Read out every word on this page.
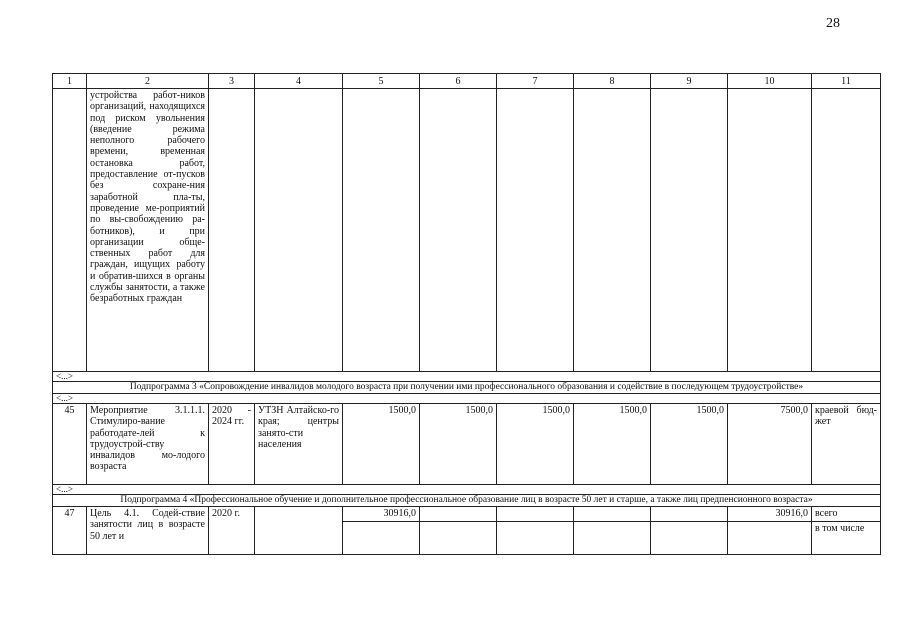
28
1	2	3	4	5	6	7	8	9	10	11
	устройства работ-ников организаций, находящихся под риском увольнения (введение режима неполного рабочего времени, временная остановка работ, предоставление от-пусков без сохране-ния заработной пла-ты, проведение ме-роприятий по вы-свобождению ра-ботников), и при организации обще-ственных работ для граждан, ищущих работу и обратив-шихся в органы службы занятости, а также безработных граждан									
<...>										
Подпрограмма 3 «Сопровождение инвалидов молодого возраста при получении ими профессионального образования и содействие в последующем трудоустройстве»										
<...>										
45	Мероприятие 3.1.1.1. Стимулиро-вание работодате-лей к трудоустрой-ству инвалидов мо-лодого возраста	2020 - 2024 гг.	УТЗН Алтайско-го края; центры занято-сти населения	1500,0	1500,0	1500,0	1500,0	1500,0	7500,0	краевой бюд-жет
<...>										
Подпрограмма 4 «Профессиональное обучение и дополнительное профессиональное образование лиц в возрасте 50 лет и старше, а также лиц предпенсионного возраста»										
47	Цель 4.1. Содей-ствие занятости лиц в возрасте 50 лет и	2020 г.		30916,0					30916,0	всего
										в том числе
